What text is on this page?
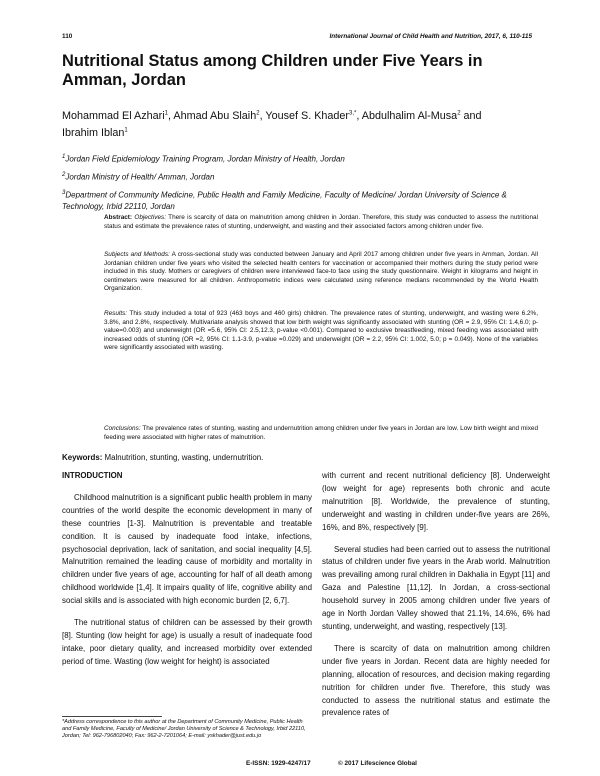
110	International Journal of Child Health and Nutrition, 2017, 6, 110-115
Nutritional Status among Children under Five Years in Amman, Jordan
Mohammad El Azhari$^1$, Ahmad Abu Slaih$^2$, Yousef S. Khader$^{3,*}$, Abdulhalim Al-Musa$^2$ and
Ibrahim Iblan$^1$
$^1$Jordan Field Epidemiology Training Program, Jordan Ministry of Health, Jordan
$^2$Jordan Ministry of Health/ Amman, Jordan
$^3$Department of Community Medicine, Public Health and Family Medicine, Faculty of Medicine/ Jordan University of Science & Technology, Irbid 22110, Jordan
Abstract: Objectives: There is scarcity of data on malnutrition among children in Jordan. Therefore, this study was conducted to assess the nutritional status and estimate the prevalence rates of stunting, underweight, and wasting and their associated factors among children under five.
Subjects and Methods: A cross-sectional study was conducted between January and April 2017 among children under five years in Amman, Jordan. All Jordanian children under five years who visited the selected health centers for vaccination or accompanied their mothers during the study period were included in this study. Mothers or caregivers of children were interviewed face-to face using the study questionnaire. Weight in kilograms and height in centimeters were measured for all children. Anthropometric indices were calculated using reference medians recommended by the World Health Organization.
Results: This study included a total of 923 (463 boys and 460 girls) children. The prevalence rates of stunting, underweight, and wasting were 6.2%, 3.8%, and 2.8%, respectively. Multivariate analysis showed that low birth weight was significantly associated with stunting (OR = 2.9, 95% CI: 1.4,6.0; p-value=0.003) and underweight (OR =5.6, 95% CI: 2.5,12.3, p-value <0.001). Compared to exclusive breastfeeding, mixed feeding was associated with increased odds of stunting (OR =2, 95% CI: 1.1-3.9, p-value =0.029) and underweight (OR = 2.2, 95% CI: 1.002, 5.0; p = 0.049). None of the variables were significantly associated with wasting.
Conclusions: The prevalence rates of stunting, wasting and undernutrition among children under five years in Jordan are low. Low birth weight and mixed feeding were associated with higher rates of malnutrition.
Keywords: Malnutrition, stunting, wasting, undernutrition.

INTRODUCTION

Childhood malnutrition is a significant public health problem in many countries of the world despite the economic development in many of these countries [1-3]. Malnutrition is preventable and treatable condition. It is caused by inadequate food intake, infections, psychosocial deprivation, lack of sanitation, and social inequality [4,5]. Malnutrition remained the leading cause of morbidity and mortality in children under five years of age, accounting for half of all death among childhood worldwide [1,4]. It impairs quality of life, cognitive ability and social skills and is associated with high economic burden [2, 6,7].

The nutritional status of children can be assessed by their growth [8]. Stunting (low height for age) is usually a result of inadequate food intake, poor dietary quality, and increased morbidity over extended period of time. Wasting (low weight for height) is associated

with current and recent nutritional deficiency [8]. Underweight (low weight for age) represents both chronic and acute malnutrition [8]. Worldwide, the prevalence of stunting, underweight and wasting in children under-five years are 26%, 16%, and 8%, respectively [9].

Several studies had been carried out to assess the nutritional status of children under five years in the Arab world. Malnutrition was prevailing among rural children in Dakhalia in Egypt [11] and Gaza and Palestine [11,12]. In Jordan, a cross-sectional household survey in 2005 among children under five years of age in North Jordan Valley showed that 21.1%, 14.6%, 6% had stunting, underweight, and wasting, respectively [13].

There is scarcity of data on malnutrition among children under five years in Jordan. Recent data are highly needed for planning, allocation of resources, and decision making regarding nutrition for children under five. Therefore, this study was conducted to assess the nutritional status and estimate the prevalence rates of

*Address correspondence to this author at the Department of Community Medicine, Public Health and Family Medicine, Faculty of Medicine/ Jordan University of Science & Technology, Irbid 22110, Jordan; Tel: 962-796802040; Fax: 962-2-7201064; E-mail: yskhader@just.edu.jo
E-ISSN: 1929-4247/17	© 2017 Lifescience Global
